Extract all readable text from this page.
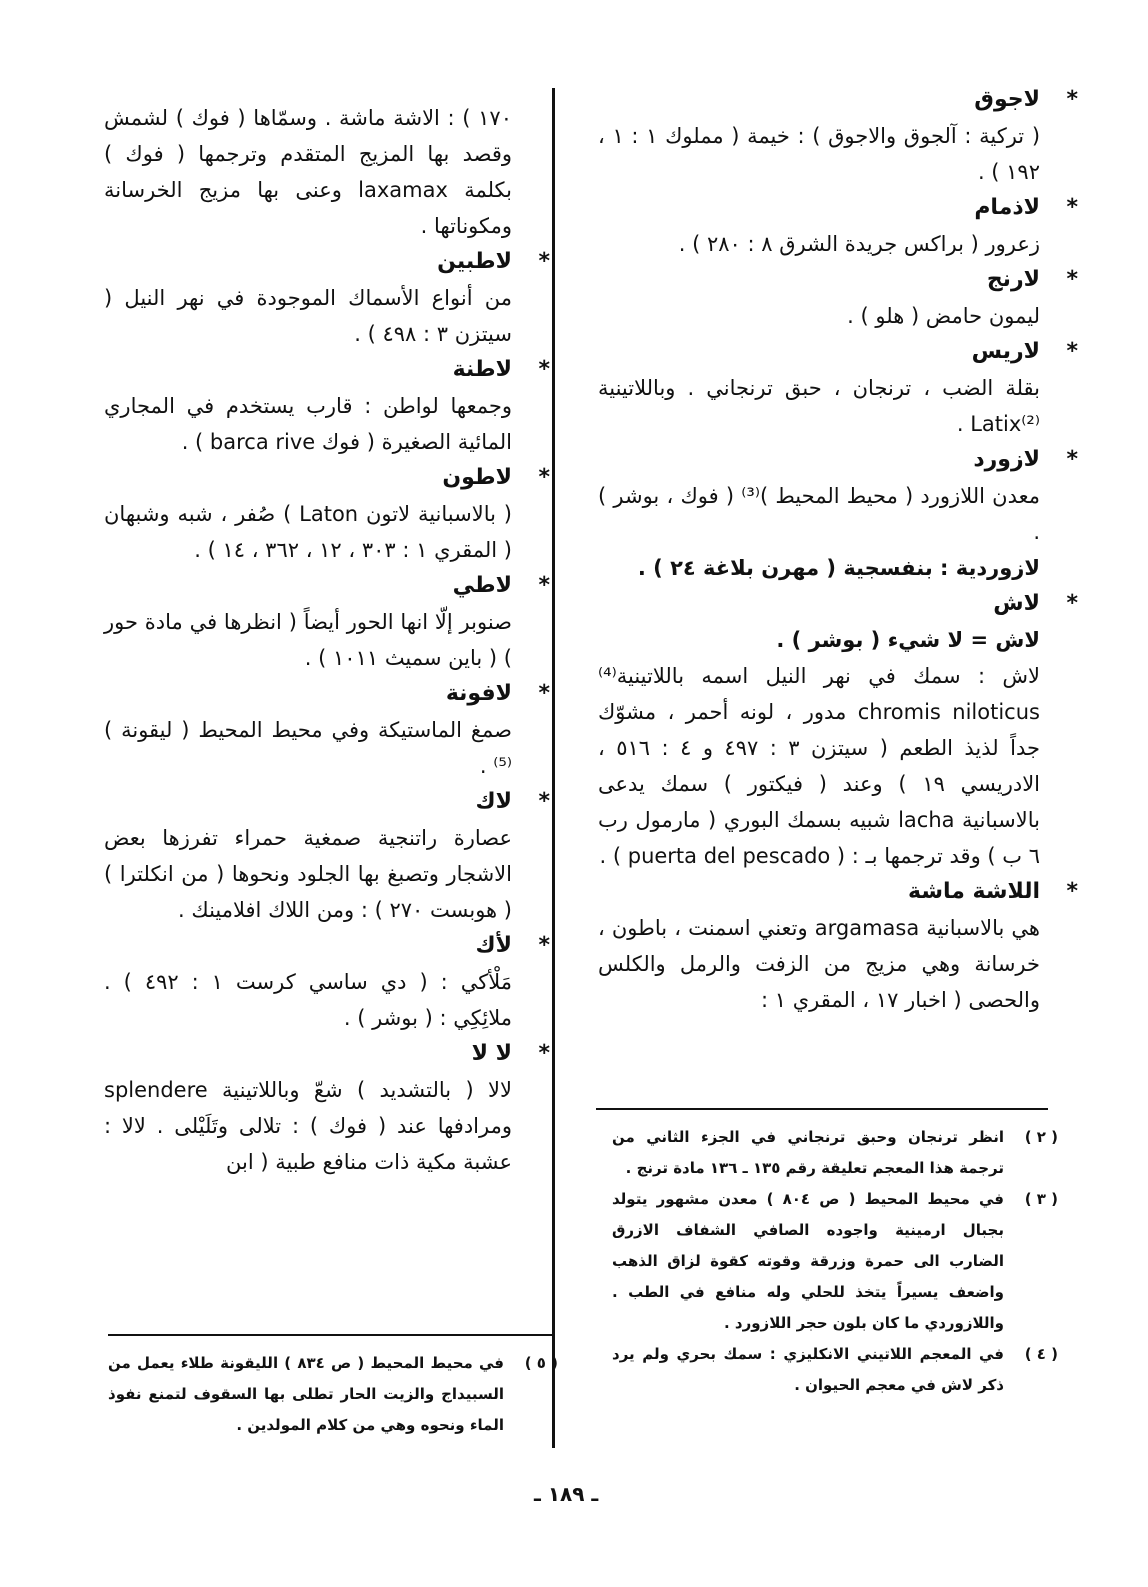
*
لاجوق
( تركية : آلجوق والاجوق ) : خيمة ( مملوك ١ : ١ ، ١٩٢ ) .
*
لاذمام
زعرور ( براكس جريدة الشرق ٨ : ٢٨٠ ) .
*
لارنج
ليمون حامض ( هلو ) .
*
لاريس
بقلة الضب ، ترنجان ، حبق ترنجاني . وباللاتينية Latix⁽²⁾ .
*
لازورد
معدن اللازورد ( محيط المحيط )⁽³⁾ ( فوك ، بوشر ) .
لازوردية : بنفسجية ( مهرن بلاغة ٢٤ ) .
*
لاش
لاش = لا شيء ( بوشر ) .
لاش : سمك في نهر النيل اسمه باللاتينية⁽⁴⁾ chromis niloticus مدور ، لونه أحمر ، مشوّك جداً لذيذ الطعم ( سيتزن ٣ : ٤٩٧ و ٤ : ٥١٦ ، الادريسي ١٩ ) وعند ( فيكتور ) سمك يدعى بالاسبانية lacha شبيه بسمك البوري ( مارمول رب ٦ ب ) وقد ترجمها بـ : ( puerta del pescado ) .
*
اللاشة ماشة
هي بالاسبانية argamasa وتعني اسمنت ، باطون ، خرسانة وهي مزيج من الزفت والرمل والكلس والحصى ( اخبار ١٧ ، المقري ١ :
١٧٠ ) : الاشة ماشة . وسمّاها ( فوك ) لشمش وقصد بها المزيج المتقدم وترجمها ( فوك ) بكلمة laxamax وعنى بها مزيج الخرسانة ومكوناتها .
*
لاطبين
من أنواع الأسماك الموجودة في نهر النيل ( سيتزن ٣ : ٤٩٨ ) .
*
لاطنة
وجمعها لواطن : قارب يستخدم في المجاري المائية الصغيرة ( فوك barca rive ) .
*
لاطون
( بالاسبانية لاتون Laton ) صُفر ، شبه وشبهان ( المقري ١ : ٣٠٣ ، ١٢ ، ٣٦٢ ، ١٤ ) .
*
لاطي
صنوبر إلّا انها الحور أيضاً ( انظرها في مادة حور ) ( باين سميث ١٠١١ ) .
*
لافونة
صمغ الماستيكة وفي محيط المحيط ( ليقونة )⁽⁵⁾ .
*
لاك
عصارة راتنجية صمغية حمراء تفرزها بعض الاشجار وتصبغ بها الجلود ونحوها ( من انكلترا ) ( هوبست ٢٧٠ ) : ومن اللاك افلامينك .
*
لأك
مَلْأكي : ( دي ساسي كرست ١ : ٤٩٢ ) . ملائِكِي : ( بوشر ) .
*
لا لا
لالا ( بالتشديد ) شعّ وباللاتينية splendere ومرادفها عند ( فوك ) : تلالى وتَلَيْلى . لالا : عشبة مكية ذات منافع طبية ( ابن

( ٢ )
انظر ترنجان وحبق ترنجاني في الجزء الثاني من ترجمة هذا المعجم تعليقة رقم ١٣٥ ـ ١٣٦ مادة ترنج .

( ٣ )
في محيط المحيط ( ص ٨٠٤ ) معدن مشهور يتولد بجبال ارمينية واجوده الصافي الشفاف الازرق الضارب الى حمرة وزرقة وقوته كقوة لزاق الذهب واضعف يسيراً يتخذ للحلي وله منافع في الطب . واللازوردي ما كان بلون حجر اللازورد .

( ٤ )
في المعجم اللاتيني الانكليزي : سمك بحري ولم يرد ذكر لاش في معجم الحيوان .

( ٥ )
في محيط المحيط ( ص ٨٣٤ ) الليقونة طلاء يعمل من السبيداج والزيت الحار تطلى بها السقوف لتمنع نفوذ الماء ونحوه وهي من كلام المولدين .

ـ ١٨٩ ـ
